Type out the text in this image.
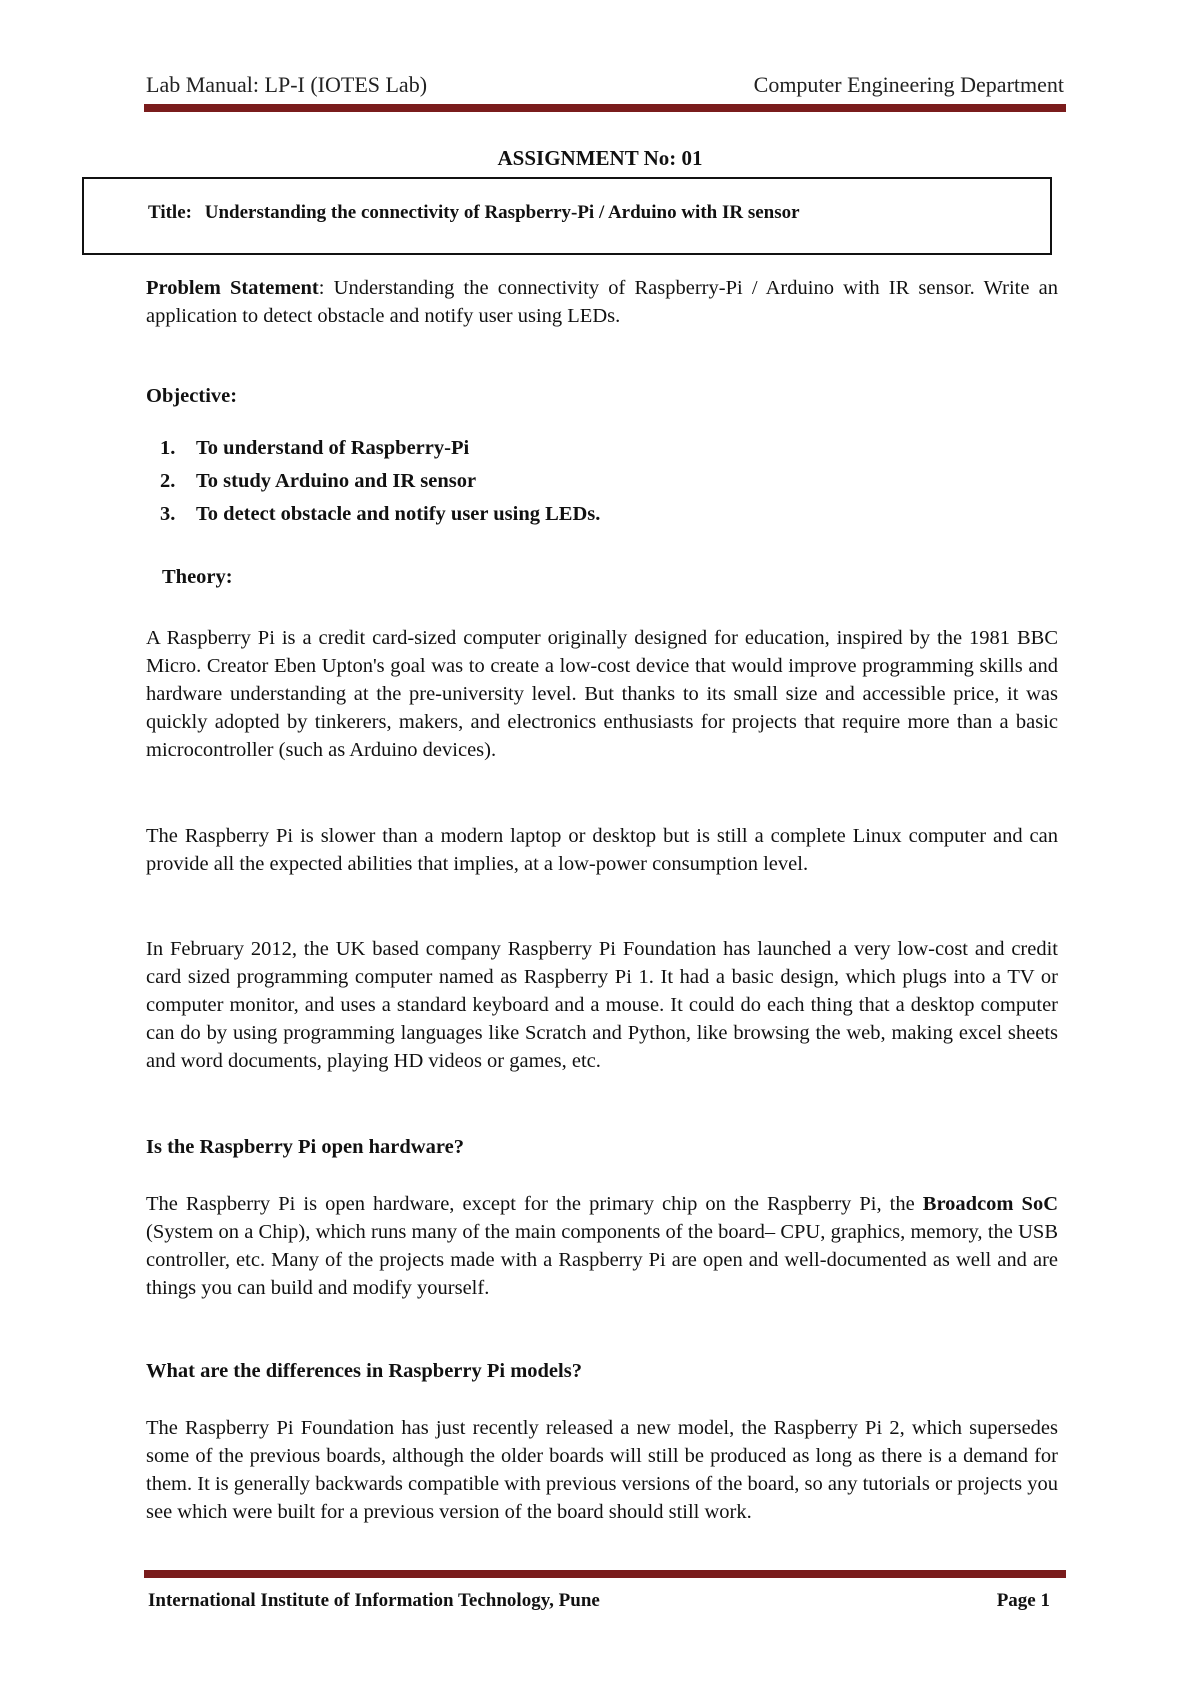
Lab Manual: LP-I (IOTES Lab)	Computer Engineering Department
ASSIGNMENT No: 01
Title: Understanding the connectivity of Raspberry-Pi / Arduino with IR sensor

Problem Statement: Understanding the connectivity of Raspberry-Pi / Arduino with IR sensor. Write an application to detect obstacle and notify user using LEDs.

Objective:
1.	To understand of Raspberry-Pi
2.	To study Arduino and IR sensor
3.	To detect obstacle and notify user using LEDs.
Theory:

A Raspberry Pi is a credit card-sized computer originally designed for education, inspired by the 1981 BBC Micro. Creator Eben Upton's goal was to create a low-cost device that would improve programming skills and hardware understanding at the pre-university level. But thanks to its small size and accessible price, it was quickly adopted by tinkerers, makers, and electronics enthusiasts for projects that require more than a basic microcontroller (such as Arduino devices).

The Raspberry Pi is slower than a modern laptop or desktop but is still a complete Linux computer and can provide all the expected abilities that implies, at a low-power consumption level.

In February 2012, the UK based company Raspberry Pi Foundation has launched a very low-cost and credit card sized programming computer named as Raspberry Pi 1. It had a basic design, which plugs into a TV or computer monitor, and uses a standard keyboard and a mouse. It could do each thing that a desktop computer can do by using programming languages like Scratch and Python, like browsing the web, making excel sheets and word documents, playing HD videos or games, etc.

Is the Raspberry Pi open hardware?

The Raspberry Pi is open hardware, except for the primary chip on the Raspberry Pi, the Broadcom SoC (System on a Chip), which runs many of the main components of the board– CPU, graphics, memory, the USB controller, etc. Many of the projects made with a Raspberry Pi are open and well-documented as well and are things you can build and modify yourself.

What are the differences in Raspberry Pi models?

The Raspberry Pi Foundation has just recently released a new model, the Raspberry Pi 2, which supersedes some of the previous boards, although the older boards will still be produced as long as there is a demand for them. It is generally backwards compatible with previous versions of the board, so any tutorials or projects you see which were built for a previous version of the board should still work.

International Institute of Information Technology, Pune	Page 1
